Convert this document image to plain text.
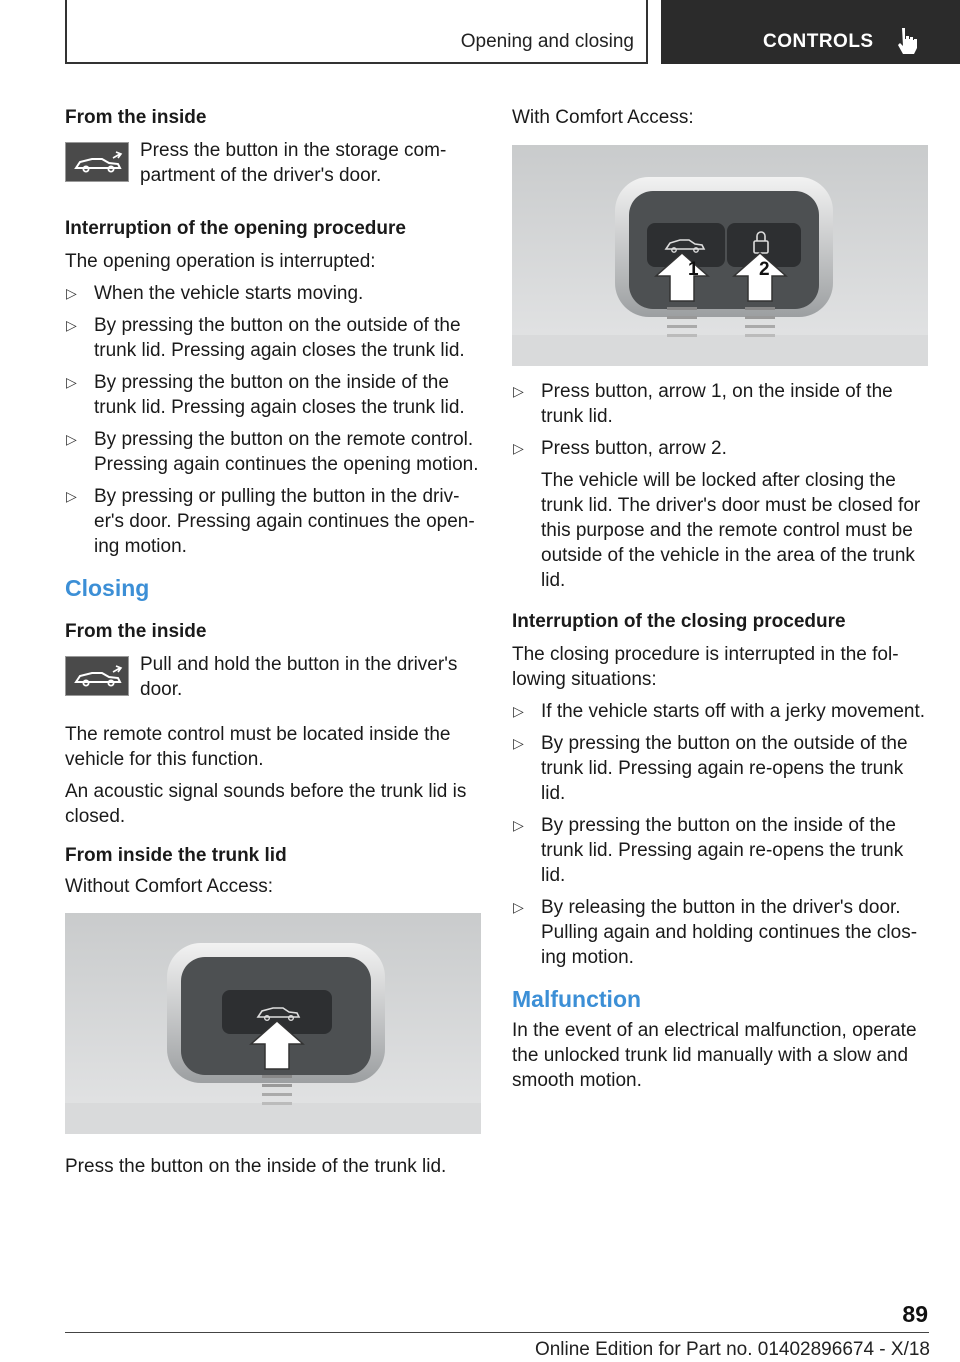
Opening and closing	CONTROLS
From the inside
Press the button in the storage compartment of the driver's door.
Interruption of the opening procedure
The opening operation is interrupted:
▷ When the vehicle starts moving.
▷ By pressing the button on the outside of the trunk lid. Pressing again closes the trunk lid.
▷ By pressing the button on the inside of the trunk lid. Pressing again closes the trunk lid.
▷ By pressing the button on the remote control. Pressing again continues the opening motion.
▷ By pressing or pulling the button in the driver's door. Pressing again continues the opening motion.
Closing
From the inside
Pull and hold the button in the driver's door.
The remote control must be located inside the vehicle for this function.
An acoustic signal sounds before the trunk lid is closed.
From inside the trunk lid
Without Comfort Access:
Press the button on the inside of the trunk lid.
With Comfort Access:
1	2
▷ Press button, arrow 1, on the inside of the trunk lid.
▷ Press button, arrow 2.
The vehicle will be locked after closing the trunk lid. The driver's door must be closed for this purpose and the remote control must be outside of the vehicle in the area of the trunk lid.
Interruption of the closing procedure
The closing procedure is interrupted in the following situations:
▷ If the vehicle starts off with a jerky movement.
▷ By pressing the button on the outside of the trunk lid. Pressing again re-opens the trunk lid.
▷ By pressing the button on the inside of the trunk lid. Pressing again re-opens the trunk lid.
▷ By releasing the button in the driver's door. Pulling again and holding continues the closing motion.
Malfunction
In the event of an electrical malfunction, operate the unlocked trunk lid manually with a slow and smooth motion.
89
Online Edition for Part no. 01402896674 - X/18
